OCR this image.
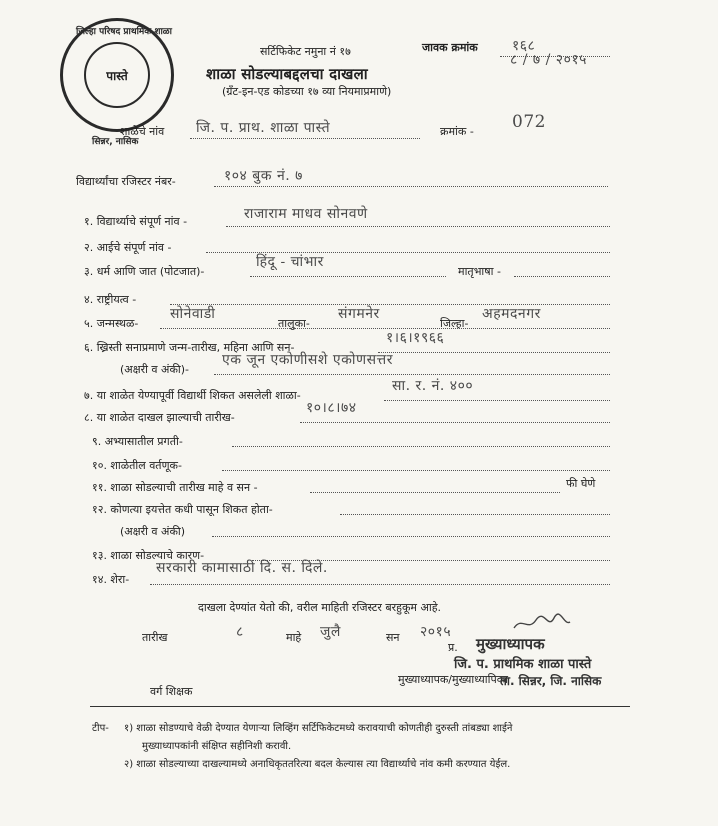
पास्ते
जिल्हा परिषद प्राथमिक शाळा
सिन्नर, नासिक
सर्टिफिकेट नमुना नं १७	जावक क्रमांक १६८
८ / ७ / २०१५
शाळा सोडल्याबद्दलचा दाखला
(ग्रँट-इन-एड कोडच्या १७ व्या नियमाप्रमाणे)
शाळेचे नांव जि. प. प्राथ. शाळा पास्ते	क्रमांक - 072
विद्यार्थ्यांचा रजिस्टर नंबर-	१०४ बुक नं. ७
१. विद्यार्थ्याचे संपूर्ण नांव -	राजाराम माधव सोनवणे
२. आईचे संपूर्ण नांव -
३. धर्म आणि जात (पोटजात)-
हिंदू - चांभार
मातृभाषा -
४. राष्ट्रीयत्व -
५. जन्मस्थळ-
सोनेवाडी
तालुका-
संगमनेर
जिल्हा-
अहमदनगर
६. ख्रिस्ती सनाप्रमाणे जन्म-तारीख, महिना आणि सन-
१।६।१९६६
(अक्षरी व अंकी)-
एक जून एकोणीसशे एकोणसत्तर
७. या शाळेत येण्यापूर्वी विद्यार्थी शिकत असलेली शाळा-
सा. र. नं. ४००
८. या शाळेत दाखल झाल्याची तारीख-
१०।८।७४
९. अभ्यासातील प्रगती-
१०. शाळेतील वर्तणूक-
११. शाळा सोडल्याची तारीख माहे व सन -	फी घेणे
१२. कोणत्या इयत्तेत कधी पासून शिकत होता-
(अक्षरी व अंकी)
१३. शाळा सोडल्याचे कारण-
१४. शेरा-
सरकारी कामासाठी दि. स. दिले.
दाखला देण्यांत येतो की, वरील माहिती रजिस्टर बरहुकूम आहे.
तारीख	८	माहे जुलै	सन २०१५
प्र. मुख्याध्यापक
जि. प. प्राथमिक शाळा पास्ते
मुख्याध्यापक/मुख्याध्यापिका
ता. सिन्नर, जि. नासिक
वर्ग शिक्षक
टीप- १) शाळा सोडण्याचे वेळी देण्यात येणाऱ्या लिव्हिंग सर्टिफिकेटमध्ये करावयाची कोणतीही दुरुस्ती तांबड्या शाईने
मुख्याध्यापकांनी संक्षिप्त सहीनिशी करावी.
२) शाळा सोडल्याच्या दाखल्यामध्ये अनाधिकृततरित्या बदल केल्यास त्या विद्यार्थ्याचे नांव कमी करण्यात येईल.
